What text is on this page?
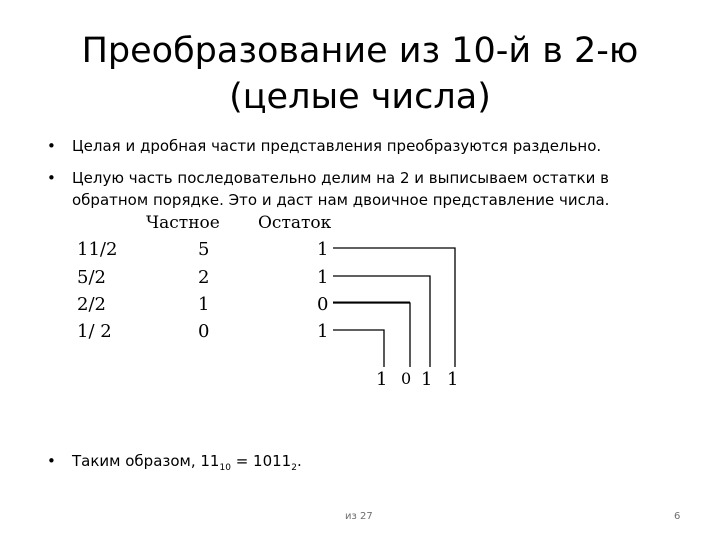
Преобразование из 10-й в 2-ю
(целые числа)
• Целая и дробная части представления преобразуются раздельно.
• Целую часть последовательно делим на 2 и выписываем остатки в обратном порядке. Это и даст нам двоичное представление числа.
Частное Остаток
11/2	5	1
5/2	2	1
2/2	1	0
1/ 2	0	1
1 0 1 1
• Таким образом, $11_{10} = 1011_2$.
из 27	6
